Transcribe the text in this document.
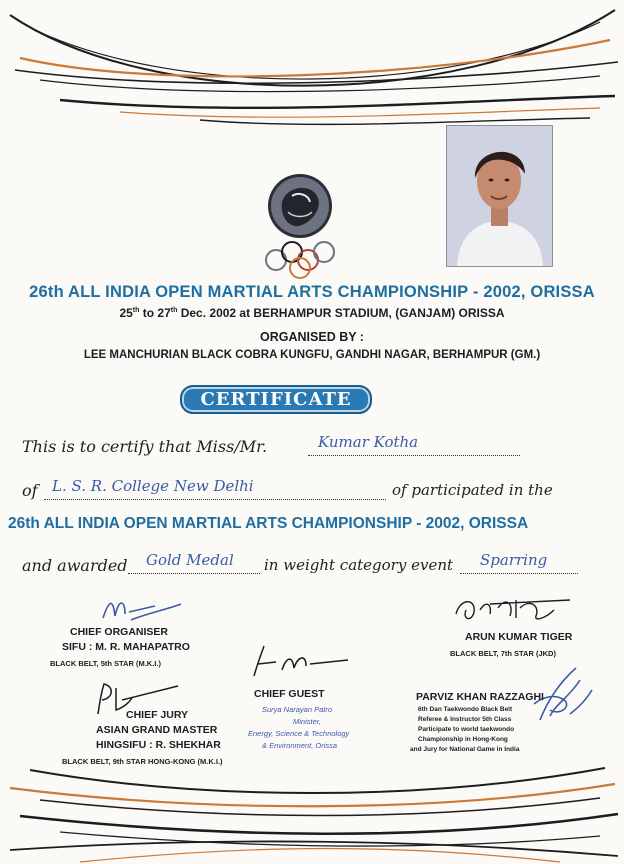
26th ALL INDIA OPEN MARTIAL ARTS CHAMPIONSHIP - 2002, ORISSA
25th to 27th Dec. 2002 at BERHAMPUR STADIUM, (GANJAM) ORISSA
ORGANISED BY :
LEE MANCHURIAN BLACK COBRA KUNGFU, GANDHI NAGAR, BERHAMPUR (GM.)
CERTIFICATE
This is to certify that Miss/Mr.	Kumar Kotha
of L. S. R. College New Delhi	of participated in the
26th ALL INDIA OPEN MARTIAL ARTS CHAMPIONSHIP - 2002, ORISSA
and awarded Gold Medal in weight category event Sparring
CHIEF ORGANISER
SIFU : M. R. MAHAPATRO
BLACK BELT, 5th STAR (M.K.I.)
ARUN KUMAR TIGER
BLACK BELT, 7th STAR (JKD)
CHIEF GUEST
Surya Narayan Patro
Minister,
Energy, Science & Technology
& Environment, Orissa
CHIEF JURY
ASIAN GRAND MASTER
HINGSIFU : R. SHEKHAR
BLACK BELT, 9th STAR HONG-KONG (M.K.I.)
PARVIZ KHAN RAZZAGHI
6th Dan Taekwondo Black Belt
Referee & Instructor 5th Class
Participate to world taekwondo
Championship in Hong-Kong
and Jury for National Game in India
